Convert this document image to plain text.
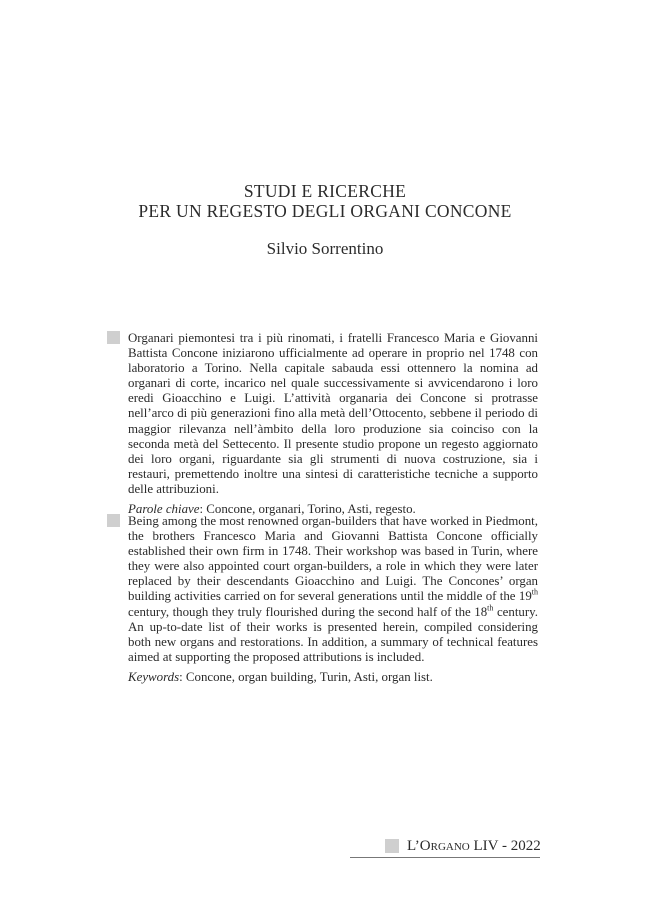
STUDI E RICERCHE
PER UN REGESTO DEGLI ORGANI CONCONE
Silvio Sorrentino

Organari piemontesi tra i più rinomati, i fratelli Francesco Maria e Giovanni Battista Concone iniziarono ufficialmente ad operare in proprio nel 1748 con laboratorio a Torino. Nella capitale sabauda essi ottennero la nomina ad organari di corte, incarico nel quale successivamente si avvicendarono i loro eredi Gioacchino e Luigi. L’attività organaria dei Concone si protrasse nell’arco di più generazioni fino alla metà dell’Ottocento, sebbene il periodo di maggior rilevanza nell’àmbito della loro produzione sia coinciso con la seconda metà del Settecento. Il presente studio propone un regesto aggiornato dei loro organi, riguardante sia gli strumenti di nuova costruzione, sia i restauri, premettendo inoltre una sintesi di caratteristiche tecniche a supporto delle attribuzioni.

Parole chiave: Concone, organari, Torino, Asti, regesto.

Being among the most renowned organ-builders that have worked in Piedmont, the brothers Francesco Maria and Giovanni Battista Concone officially established their own firm in 1748. Their workshop was based in Turin, where they were also appointed court organ-builders, a role in which they were later replaced by their descendants Gioacchino and Luigi. The Concones’ organ building activities carried on for several generations until the middle of the 19th century, though they truly flourished during the second half of the 18th century. An up-to-date list of their works is presented herein, compiled considering both new organs and restorations. In addition, a summary of technical features aimed at supporting the proposed attributions is included.

Keywords: Concone, organ building, Turin, Asti, organ list.

L’Organo LIV - 2022
